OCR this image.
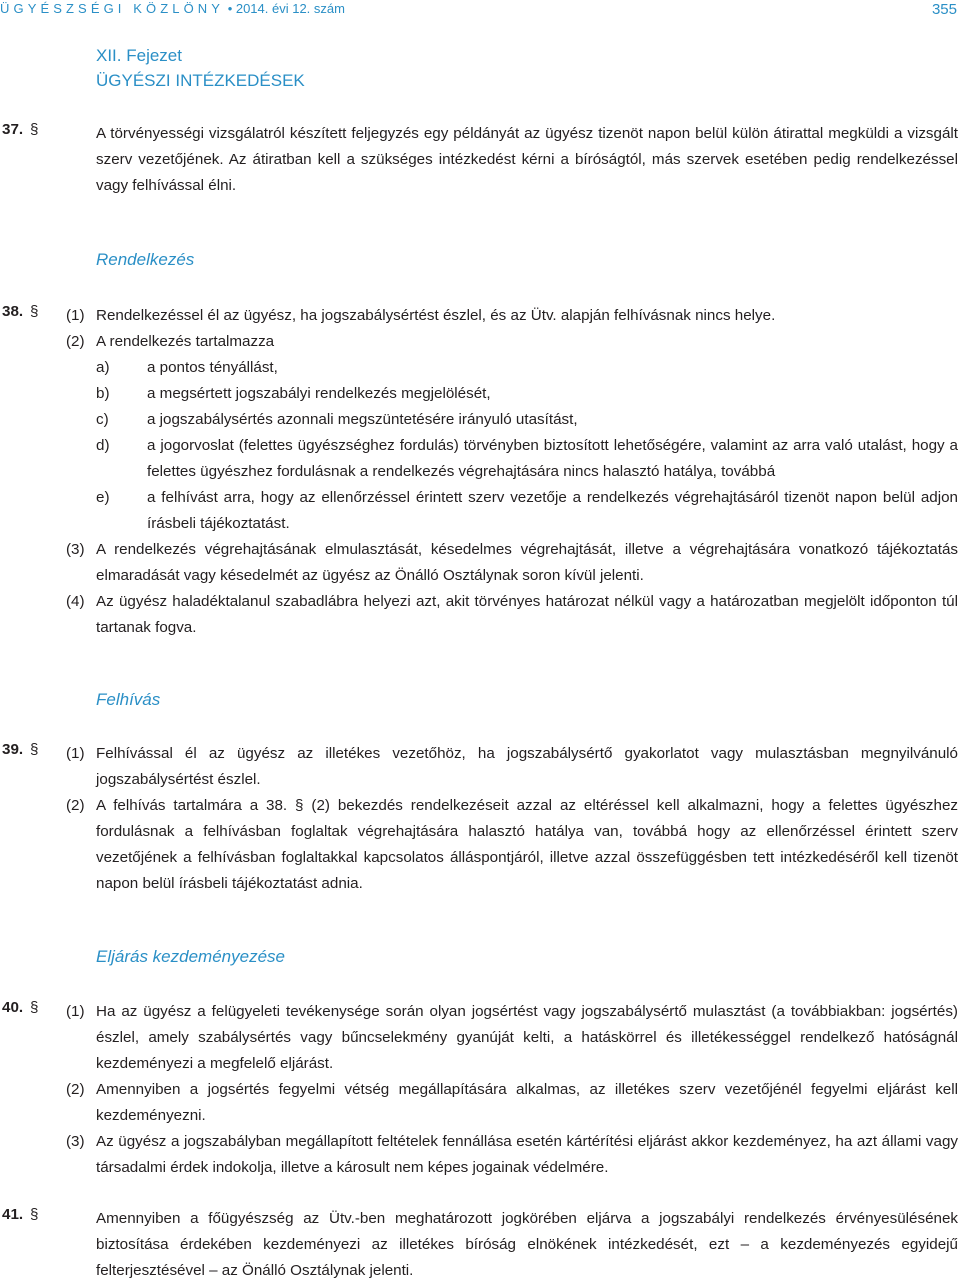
ÜGYÉSZSÉGI KÖZLÖNY • 2014. évi 12. szám	355
XII. Fejezet
ÜGYÉSZI INTÉZKEDÉSEK
37. §	A törvényességi vizsgálatról készített feljegyzés egy példányát az ügyész tizenöt napon belül külön átirattal megküldi a vizsgált szerv vezetőjének. Az átiratban kell a szükséges intézkedést kérni a bíróságtól, más szervek esetében pedig rendelkezéssel vagy felhívással élni.
Rendelkezés
38. § (1) Rendelkezéssel él az ügyész, ha jogszabálysértést észlel, és az Ütv. alapján felhívásnak nincs helye.
(2) A rendelkezés tartalmazza
a) a pontos tényállást,
b) a megsértett jogszabályi rendelkezés megjelölését,
c)	a jogszabálysértés azonnali megszüntetésére irányuló utasítást,
d) a jogorvoslat (felettes ügyészséghez fordulás) törvényben biztosított lehetőségére, valamint az arra való utalást, hogy a felettes ügyészhez fordulásnak a rendelkezés végrehajtására nincs halasztó hatálya, továbbá
e) a felhívást arra, hogy az ellenőrzéssel érintett szerv vezetője a rendelkezés végrehajtásáról tizenöt napon belül adjon írásbeli tájékoztatást.
(3) A rendelkezés végrehajtásának elmulasztását, késedelmes végrehajtását, illetve a végrehajtására vonatkozó tájékoztatás elmaradását vagy késedelmét az ügyész az Önálló Osztálynak soron kívül jelenti.
(4) Az ügyész haladéktalanul szabadlábra helyezi azt, akit törvényes határozat nélkül vagy a határozatban megjelölt időponton túl tartanak fogva.
Felhívás
39. § (1) Felhívással él az ügyész az illetékes vezetőhöz, ha jogszabálysértő gyakorlatot vagy mulasztásban megnyilvánuló jogszabálysértést észlel.
(2) A felhívás tartalmára a 38. § (2) bekezdés rendelkezéseit azzal az eltéréssel kell alkalmazni, hogy a felettes ügyészhez fordulásnak a felhívásban foglaltak végrehajtására halasztó hatálya van, továbbá hogy az ellenőrzéssel érintett szerv vezetőjének a felhívásban foglaltakkal kapcsolatos álláspontjáról, illetve azzal összefüggésben tett intézkedéséről kell tizenöt napon belül írásbeli tájékoztatást adnia.
Eljárás kezdeményezése
40. § (1) Ha az ügyész a felügyeleti tevékenysége során olyan jogsértést vagy jogszabálysértő mulasztást (a továbbiakban: jogsértés) észlel, amely szabálysértés vagy bűncselekmény gyanúját kelti, a hatáskörrel és illetékességgel rendelkező hatóságnál kezdeményezi a megfelelő eljárást.
(2) Amennyiben a jogsértés fegyelmi vétség megállapítására alkalmas, az illetékes szerv vezetőjénél fegyelmi eljárást kell kezdeményezni.
(3) Az ügyész a jogszabályban megállapított feltételek fennállása esetén kártérítési eljárást akkor kezdeményez, ha azt állami vagy társadalmi érdek indokolja, illetve a károsult nem képes jogainak védelmére.
41. §	Amennyiben a főügyészség az Ütv.-ben meghatározott jogkörében eljárva a jogszabályi rendelkezés érvényesülésének biztosítása érdekében kezdeményezi az illetékes bíróság elnökének intézkedését, ezt – a kezdeményezés egyidejű felterjesztésével – az Önálló Osztálynak jelenti.
